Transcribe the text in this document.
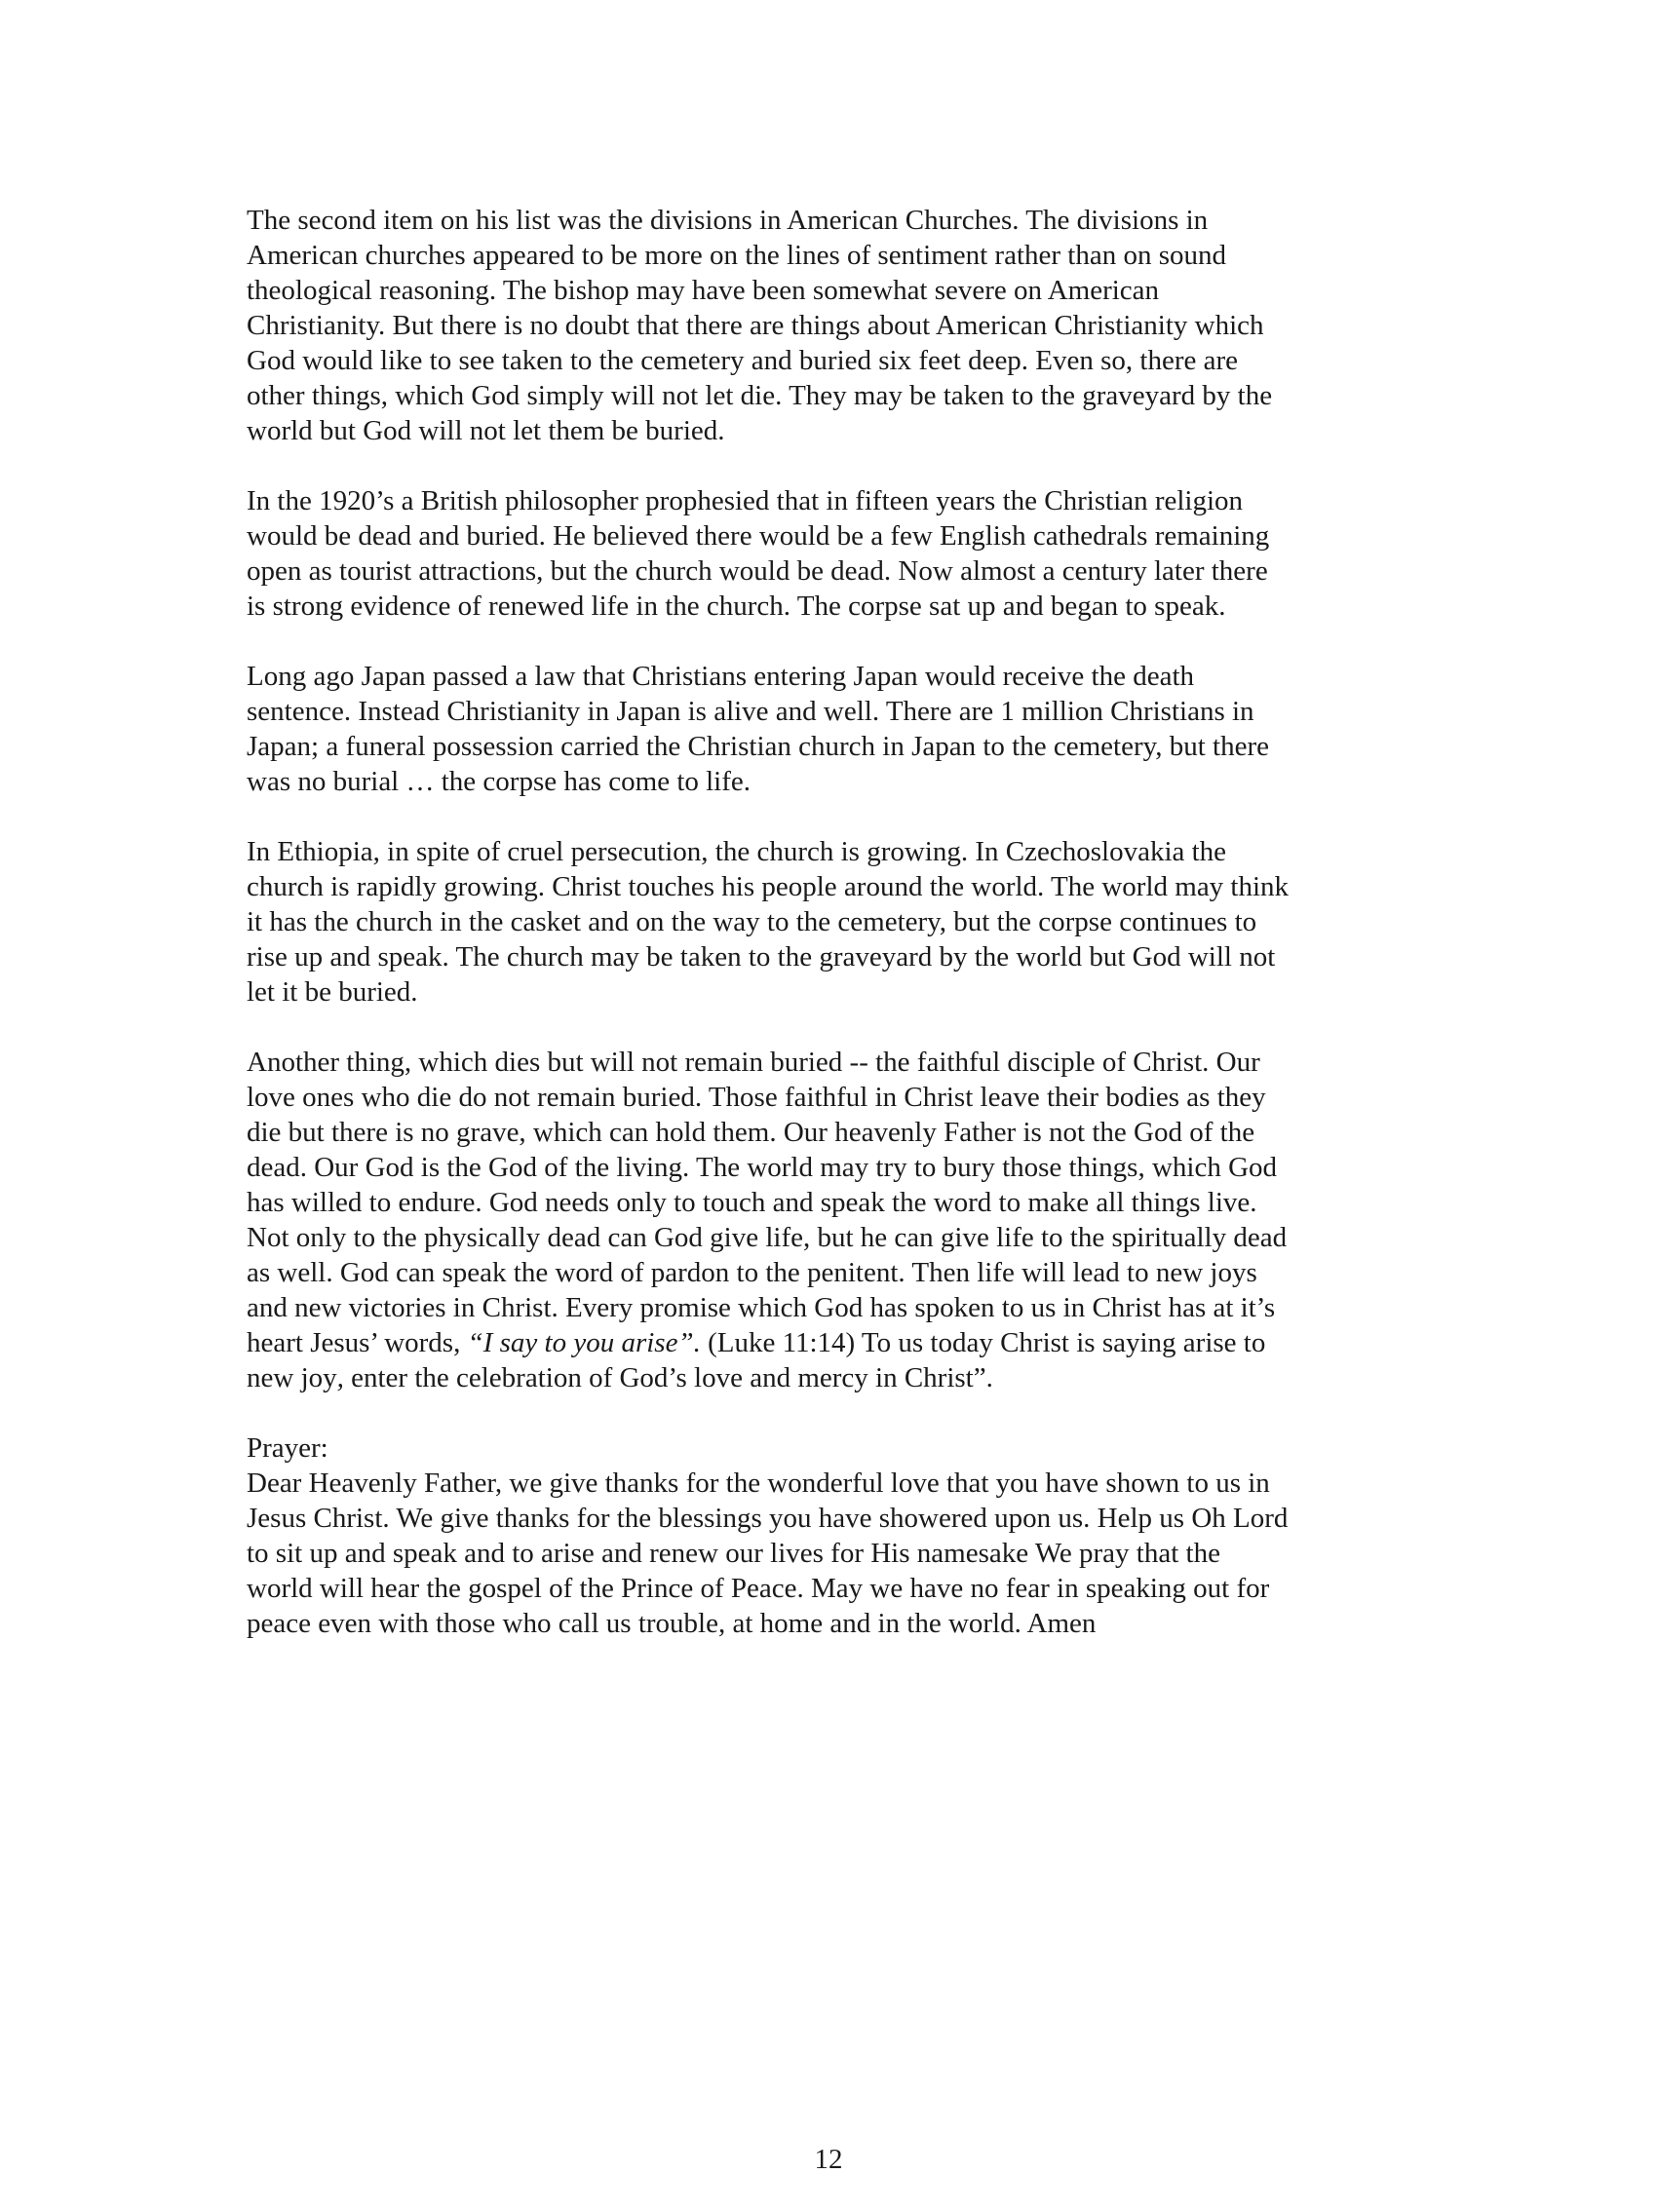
The second item on his list was the divisions in American Churches. The divisions in
American churches appeared to be more on the lines of sentiment rather than on sound
theological reasoning. The bishop may have been somewhat severe on American
Christianity. But there is no doubt that there are things about American Christianity which
God would like to see taken to the cemetery and buried six feet deep. Even so, there are
other things, which God simply will not let die. They may be taken to the graveyard by the
world but God will not let them be buried.

In the 1920’s a British philosopher prophesied that in fifteen years the Christian religion
would be dead and buried. He believed there would be a few English cathedrals remaining
open as tourist attractions, but the church would be dead. Now almost a century later there
is strong evidence of renewed life in the church. The corpse sat up and began to speak.

Long ago Japan passed a law that Christians entering Japan would receive the death
sentence. Instead Christianity in Japan is alive and well. There are 1 million Christians in
Japan; a funeral possession carried the Christian church in Japan to the cemetery, but there
was no burial … the corpse has come to life.

In Ethiopia, in spite of cruel persecution, the church is growing. In Czechoslovakia the
church is rapidly growing. Christ touches his people around the world. The world may think
it has the church in the casket and on the way to the cemetery, but the corpse continues to
rise up and speak. The church may be taken to the graveyard by the world but God will not
let it be buried.

Another thing, which dies but will not remain buried -- the faithful disciple of Christ. Our
love ones who die do not remain buried. Those faithful in Christ leave their bodies as they
die but there is no grave, which can hold them. Our heavenly Father is not the God of the
dead. Our God is the God of the living. The world may try to bury those things, which God
has willed to endure. God needs only to touch and speak the word to make all things live.
Not only to the physically dead can God give life, but he can give life to the spiritually dead
as well. God can speak the word of pardon to the penitent. Then life will lead to new joys
and new victories in Christ. Every promise which God has spoken to us in Christ has at it’s
heart Jesus’ words, “I say to you arise”. (Luke 11:14) To us today Christ is saying arise to
new joy, enter the celebration of God’s love and mercy in Christ”.

Prayer:
Dear Heavenly Father, we give thanks for the wonderful love that you have shown to us in
Jesus Christ. We give thanks for the blessings you have showered upon us. Help us Oh Lord
to sit up and speak and to arise and renew our lives for His namesake We pray that the
world will hear the gospel of the Prince of Peace. May we have no fear in speaking out for
peace even with those who call us trouble, at home and in the world. Amen

12
